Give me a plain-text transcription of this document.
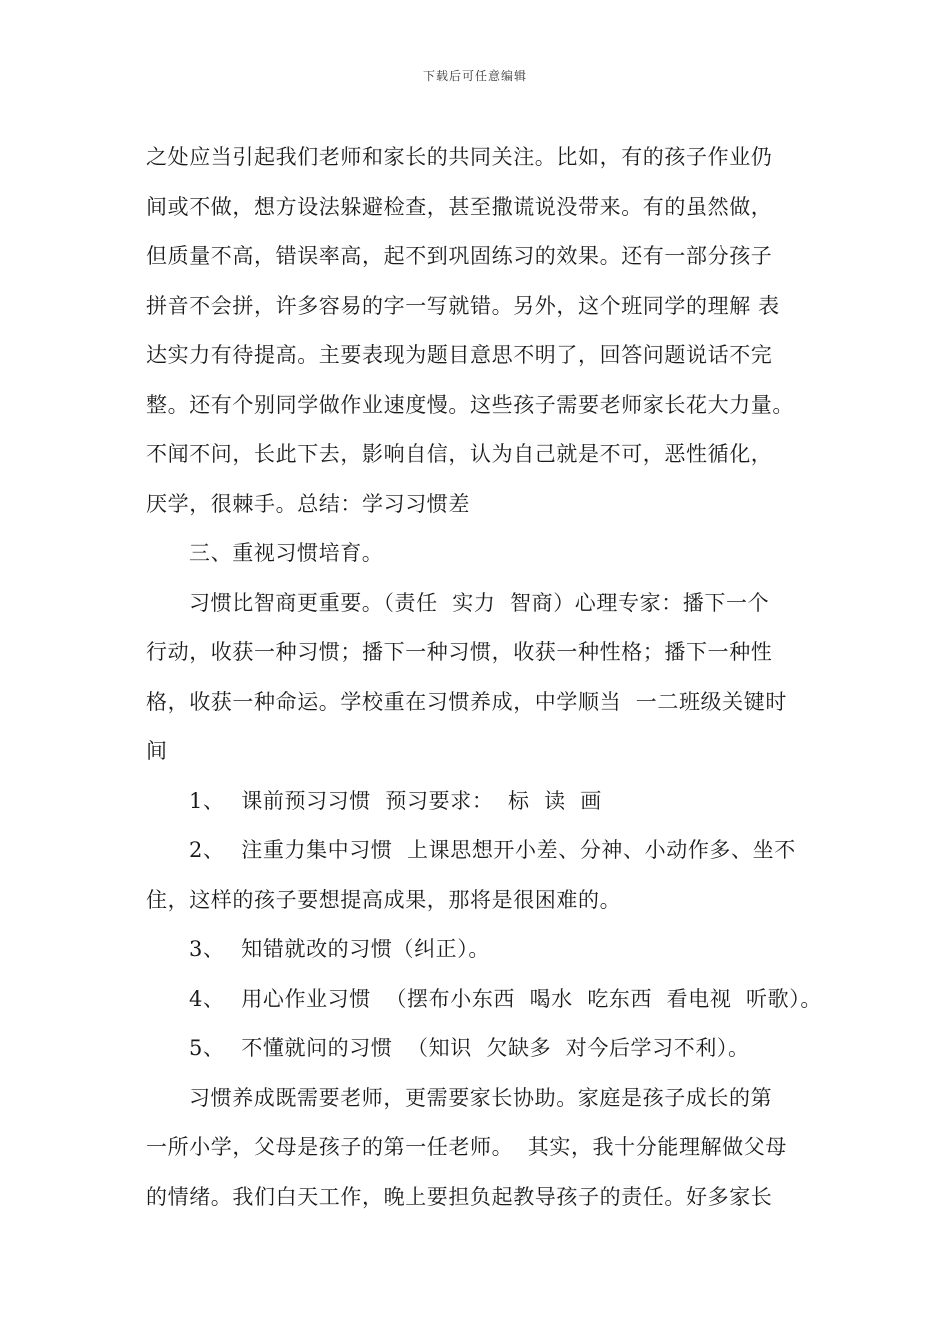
下载后可任意编辑
之处应当引起我们老师和家长的共同关注。比如，有的孩子作业仍
间或不做，想方设法躲避检查，甚至撒谎说没带来。有的虽然做，
但质量不高，错误率高，起不到巩固练习的效果。还有一部分孩子
拼音不会拼，许多容易的字一写就错。另外，这个班同学的理解 表
达实力有待提高。主要表现为题目意思不明了，回答问题说话不完
整。还有个别同学做作业速度慢。这些孩子需要老师家长花大力量。
不闻不问，长此下去，影响自信，认为自己就是不可，恶性循化，
厌学，很棘手。总结：学习习惯差
三、重视习惯培育。
习惯比智商更重要。（责任  实力  智商）心理专家：播下一个
行动，收获一种习惯；播下一种习惯，收获一种性格；播下一种性
格，收获一种命运。学校重在习惯养成，中学顺当  一二班级关键时
间
1、 课前预习习惯  预习要求：  标  读  画
2、 注重力集中习惯  上课思想开小差、分神、小动作多、坐不
住，这样的孩子要想提高成果，那将是很困难的。
3、 知错就改的习惯（纠正）。
4、 用心作业习惯  （摆布小东西  喝水  吃东西  看电视  听歌）。
5、 不懂就问的习惯  （知识  欠缺多  对今后学习不利）。
习惯养成既需要老师，更需要家长协助。家庭是孩子成长的第
一所小学，父母是孩子的第一任老师。  其实，我十分能理解做父母
的情绪。我们白天工作，晚上要担负起教导孩子的责任。好多家长
